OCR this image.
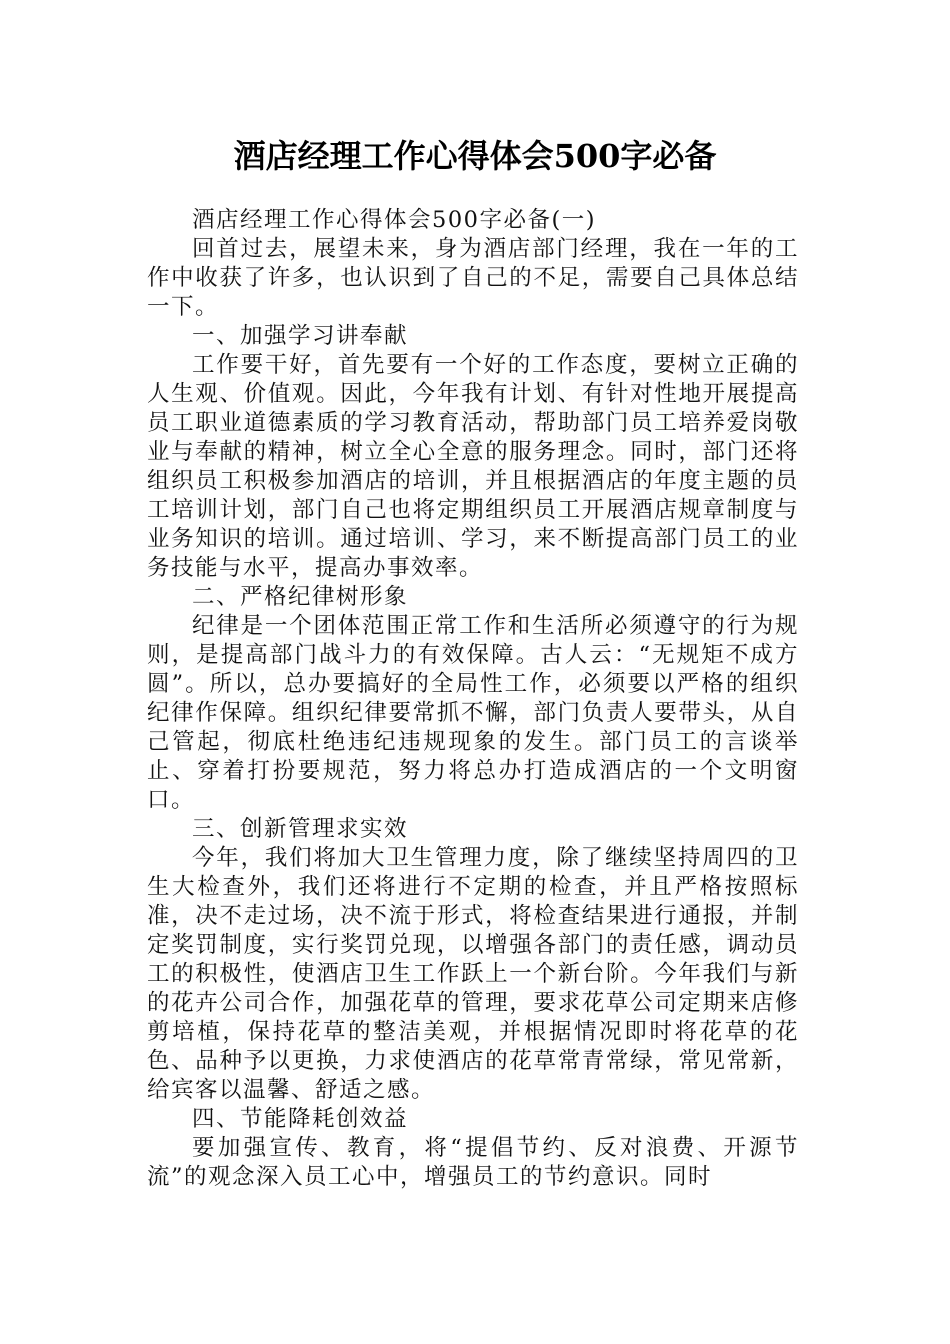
酒店经理工作心得体会500字必备

酒店经理工作心得体会500字必备(一)

回首过去，展望未来，身为酒店部门经理，我在一年的工作中收获了许多，也认识到了自己的不足，需要自己具体总结一下。

一、加强学习讲奉献

工作要干好，首先要有一个好的工作态度，要树立正确的人生观、价值观。因此，今年我有计划、有针对性地开展提高员工职业道德素质的学习教育活动，帮助部门员工培养爱岗敬业与奉献的精神，树立全心全意的服务理念。同时，部门还将组织员工积极参加酒店的培训，并且根据酒店的年度主题的员工培训计划，部门自己也将定期组织员工开展酒店规章制度与业务知识的培训。通过培训、学习，来不断提高部门员工的业务技能与水平，提高办事效率。

二、严格纪律树形象

纪律是一个团体范围正常工作和生活所必须遵守的行为规则，是提高部门战斗力的有效保障。古人云：“无规矩不成方圆”。所以，总办要搞好的全局性工作，必须要以严格的组织纪律作保障。组织纪律要常抓不懈，部门负责人要带头，从自己管起，彻底杜绝违纪违规现象的发生。部门员工的言谈举止、穿着打扮要规范，努力将总办打造成酒店的一个文明窗口。

三、创新管理求实效

今年，我们将加大卫生管理力度，除了继续坚持周四的卫生大检查外，我们还将进行不定期的检查，并且严格按照标准，决不走过场，决不流于形式，将检查结果进行通报，并制定奖罚制度，实行奖罚兑现，以增强各部门的责任感，调动员工的积极性，使酒店卫生工作跃上一个新台阶。今年我们与新的花卉公司合作，加强花草的管理，要求花草公司定期来店修剪培植，保持花草的整洁美观，并根据情况即时将花草的花色、品种予以更换，力求使酒店的花草常青常绿，常见常新，给宾客以温馨、舒适之感。

四、节能降耗创效益

要加强宣传、教育，将“提倡节约、反对浪费、开源节流”的观念深入员工心中，增强员工的节约意识。同时
